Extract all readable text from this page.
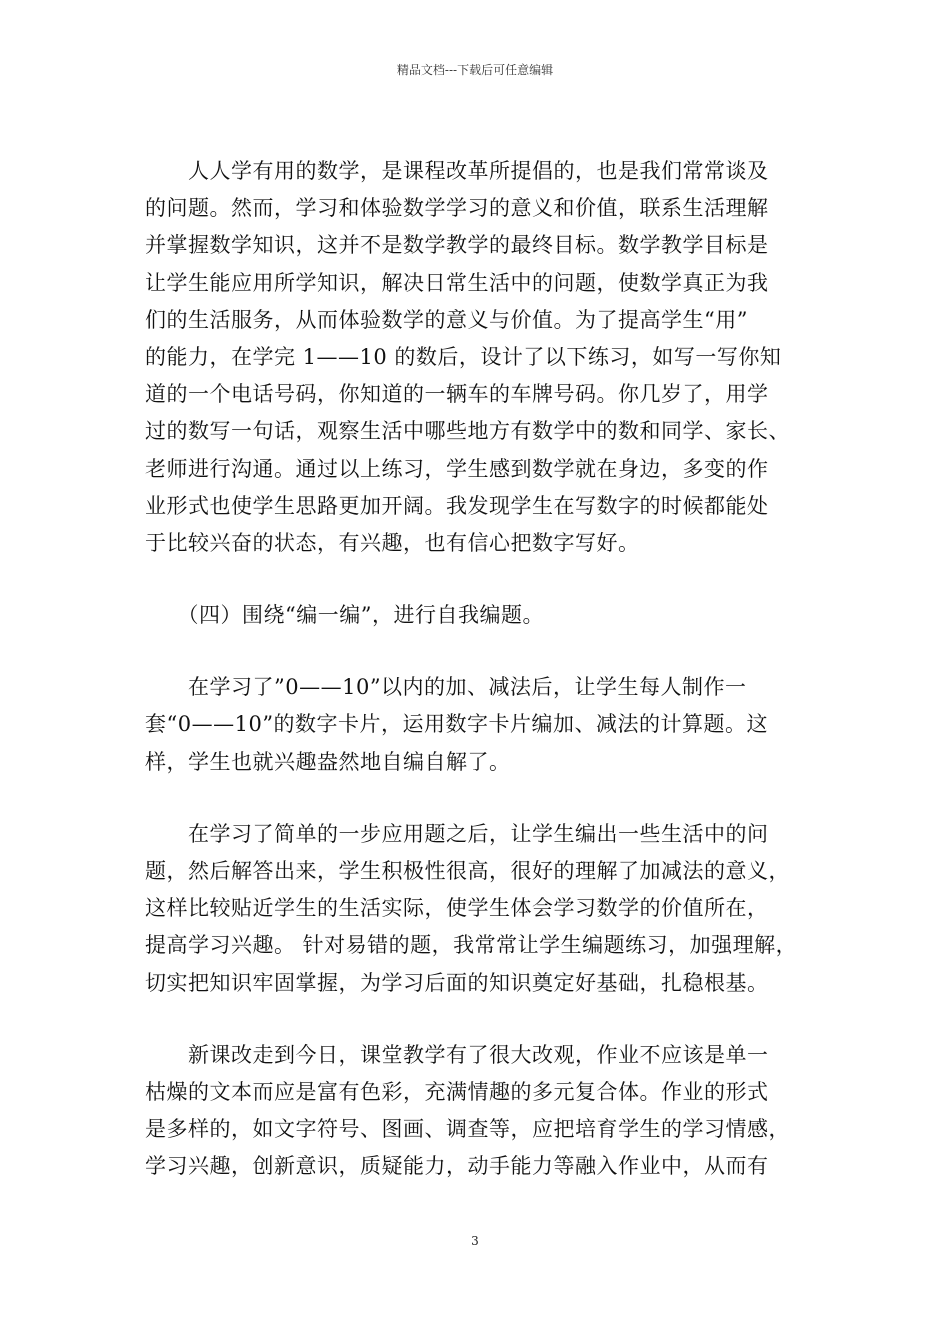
精品文档---下载后可任意编辑
　　人人学有用的数学，是课程改革所提倡的，也是我们常常谈及
的问题。然而，学习和体验数学学习的意义和价值，联系生活理解
并掌握数学知识，这并不是数学教学的最终目标。数学教学目标是
让学生能应用所学知识，解决日常生活中的问题，使数学真正为我
们的生活服务，从而体验数学的意义与价值。为了提高学生“用”
的能力，在学完 1——10 的数后，设计了以下练习，如写一写你知
道的一个电话号码，你知道的一辆车的车牌号码。你几岁了，用学
过的数写一句话，观察生活中哪些地方有数学中的数和同学、家长、
老师进行沟通。通过以上练习，学生感到数学就在身边，多变的作
业形式也使学生思路更加开阔。我发现学生在写数字的时候都能处
于比较兴奋的状态，有兴趣，也有信心把数字写好。
　　（四）围绕“编一编”，进行自我编题。
　　在学习了”0——10”以内的加、减法后，让学生每人制作一
套“0——10”的数字卡片，运用数字卡片编加、减法的计算题。这
样，学生也就兴趣盎然地自编自解了。
　　在学习了简单的一步应用题之后，让学生编出一些生活中的问
题，然后解答出来，学生积极性很高，很好的理解了加减法的意义，
这样比较贴近学生的生活实际，使学生体会学习数学的价值所在，
提高学习兴趣。 针对易错的题，我常常让学生编题练习，加强理解，
切实把知识牢固掌握，为学习后面的知识奠定好基础，扎稳根基。
　　新课改走到今日，课堂教学有了很大改观，作业不应该是单一
枯燥的文本而应是富有色彩，充满情趣的多元复合体。作业的形式
是多样的，如文字符号、图画、调查等，应把培育学生的学习情感，
学习兴趣，创新意识，质疑能力，动手能力等融入作业中，从而有
3
